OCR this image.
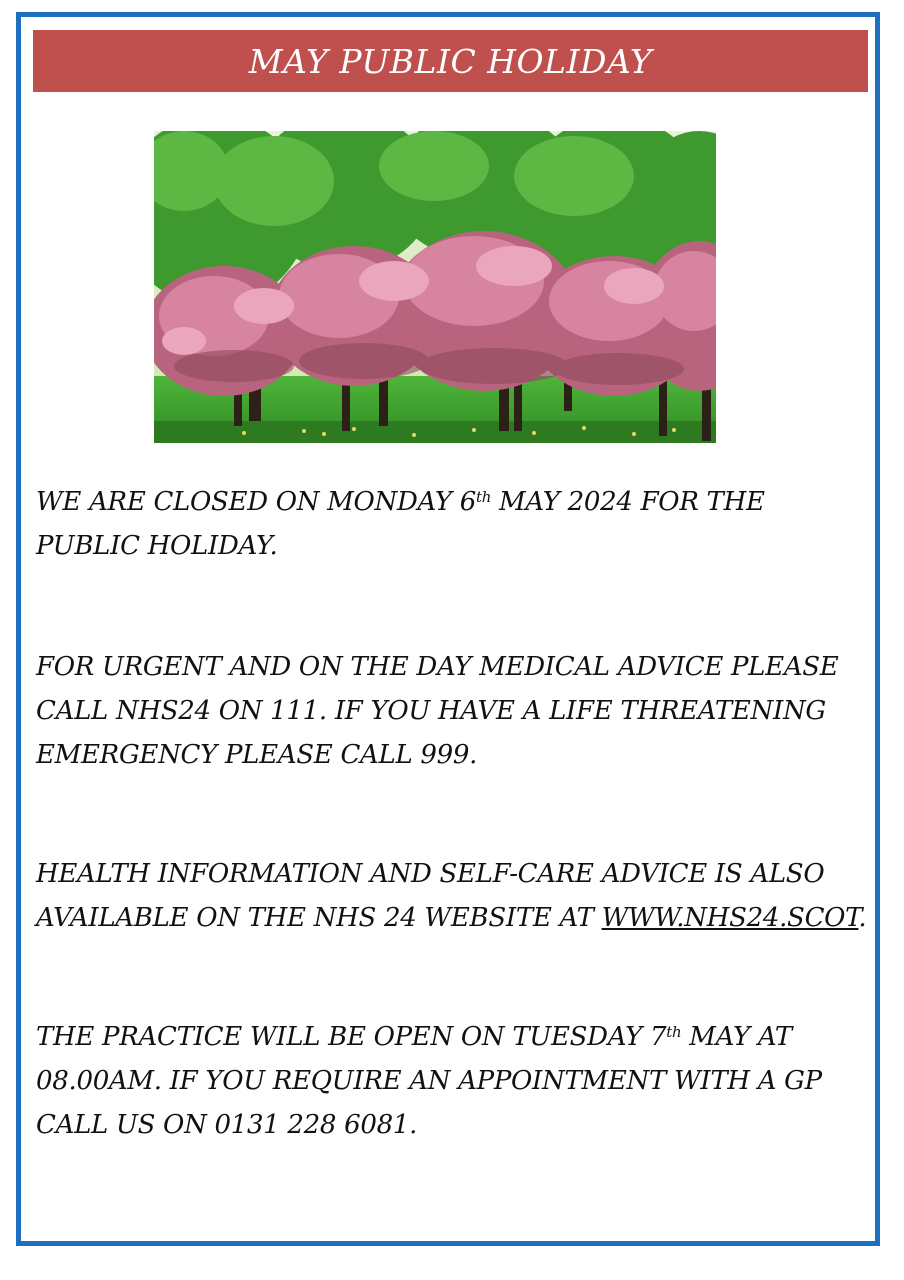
MAY PUBLIC HOLIDAY

WE ARE CLOSED ON MONDAY 6th MAY 2024 FOR THE PUBLIC HOLIDAY.

FOR URGENT AND ON THE DAY MEDICAL ADVICE PLEASE CALL NHS24 ON 111. IF YOU HAVE A LIFE THREATENING EMERGENCY PLEASE CALL 999.

HEALTH INFORMATION AND SELF-CARE ADVICE IS ALSO AVAILABLE ON THE NHS 24 WEBSITE AT WWW.NHS24.SCOT.

THE PRACTICE WILL BE OPEN ON TUESDAY 7th MAY AT 08.00AM. IF YOU REQUIRE AN APPOINTMENT WITH A GP CALL US ON 0131 228 6081.
